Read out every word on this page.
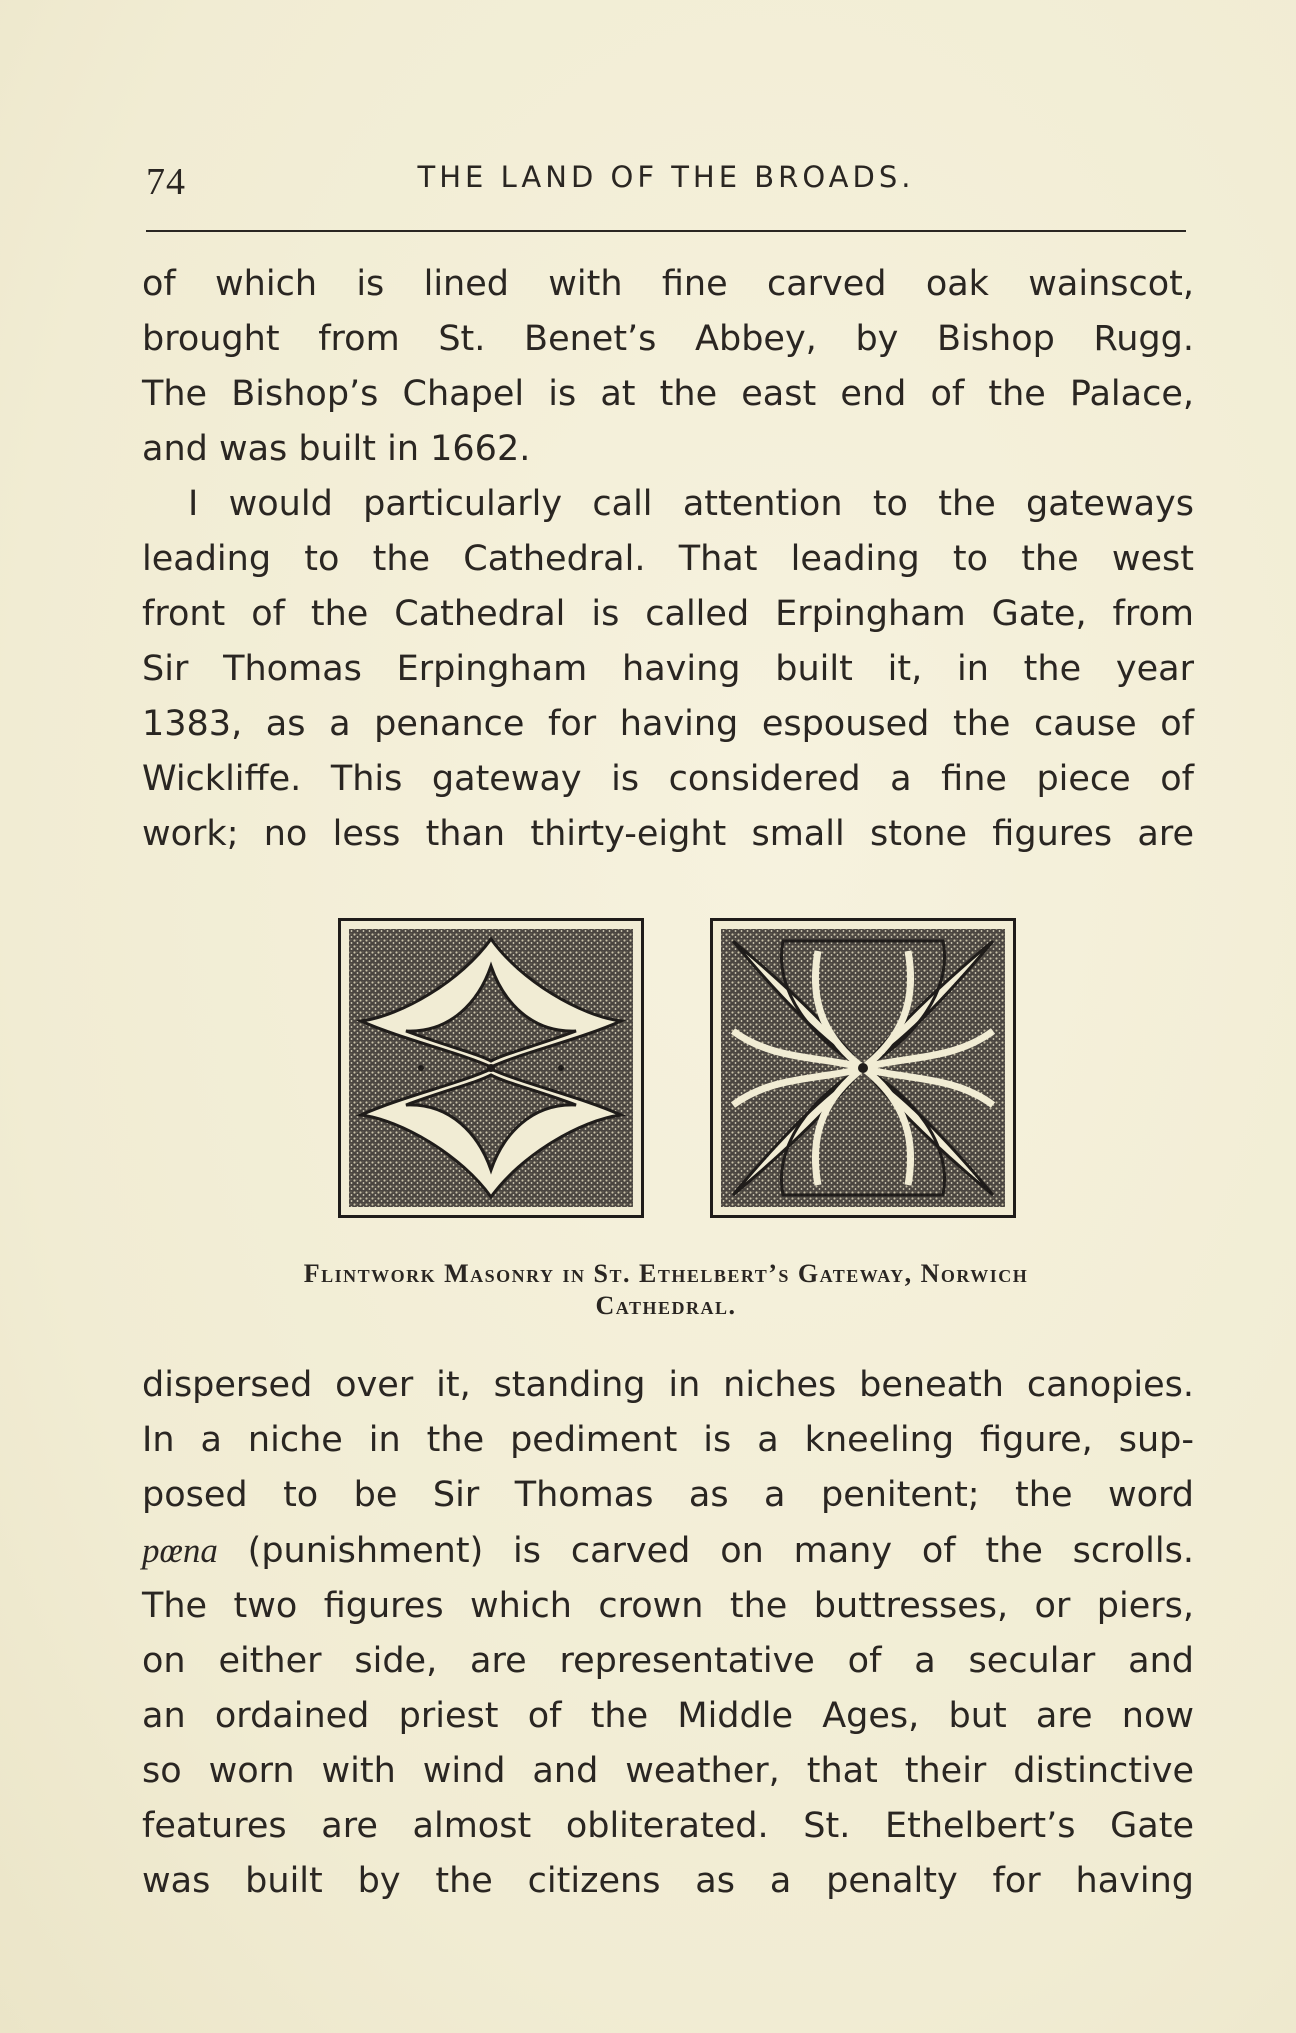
74	THE LAND OF THE BROADS.
of which is lined with fine carved oak wainscot,
brought from St. Benet’s Abbey, by Bishop Rugg.
The Bishop’s Chapel is at the east end of the Palace,
and was built in 1662.
I would particularly call attention to the gateways
leading to the Cathedral. That leading to the west
front of the Cathedral is called Erpingham Gate, from
Sir Thomas Erpingham having built it, in the year
1383, as a penance for having espoused the cause of
Wickliffe. This gateway is considered a fine piece of
work; no less than thirty-eight small stone figures are
Flintwork Masonry in St. Ethelbert’s Gateway, Norwich
Cathedral.
dispersed over it, standing in niches beneath canopies.
In a niche in the pediment is a kneeling figure, sup-
posed to be Sir Thomas as a penitent; the word
pœna (punishment) is carved on many of the scrolls.
The two figures which crown the buttresses, or piers,
on either side, are representative of a secular and
an ordained priest of the Middle Ages, but are now
so worn with wind and weather, that their distinctive
features are almost obliterated. St. Ethelbert’s Gate
was built by the citizens as a penalty for having
